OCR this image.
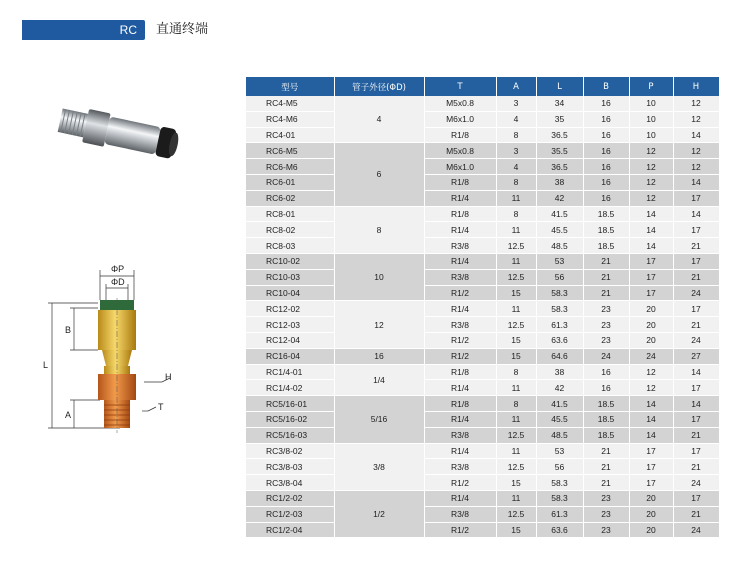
RC	直通终端
ΦP
ΦD
B
L
H
A
T
型号	管子外径(ΦD)	T	A	L	B	P	H
RC4-M5	4	M5x0.8	3	34	16	10	12
RC4-M6		M6x1.0	4	35	16	10	12
RC4-01		R1/8	8	36.5	16	10	14
RC6-M5	6	M5x0.8	3	35.5	16	12	12
RC6-M6		M6x1.0	4	36.5	16	12	12
RC6-01		R1/8	8	38	16	12	14
RC6-02		R1/4	11	42	16	12	17
RC8-01	8	R1/8	8	41.5	18.5	14	14
RC8-02		R1/4	11	45.5	18.5	14	17
RC8-03		R3/8	12.5	48.5	18.5	14	21
RC10-02	10	R1/4	11	53	21	17	17
RC10-03		R3/8	12.5	56	21	17	21
RC10-04		R1/2	15	58.3	21	17	24
RC12-02	12	R1/4	11	58.3	23	20	17
RC12-03		R3/8	12.5	61.3	23	20	21
RC12-04		R1/2	15	63.6	23	20	24
RC16-04	16	R1/2	15	64.6	24	24	27
RC1/4-01	1/4	R1/8	8	38	16	12	14
RC1/4-02		R1/4	11	42	16	12	17
RC5/16-01	5/16	R1/8	8	41.5	18.5	14	14
RC5/16-02		R1/4	11	45.5	18.5	14	17
RC5/16-03		R3/8	12.5	48.5	18.5	14	21
RC3/8-02	3/8	R1/4	11	53	21	17	17
RC3/8-03		R3/8	12.5	56	21	17	21
RC3/8-04		R1/2	15	58.3	21	17	24
RC1/2-02	1/2	R1/4	11	58.3	23	20	17
RC1/2-03		R3/8	12.5	61.3	23	20	21
RC1/2-04		R1/2	15	63.6	23	20	24
